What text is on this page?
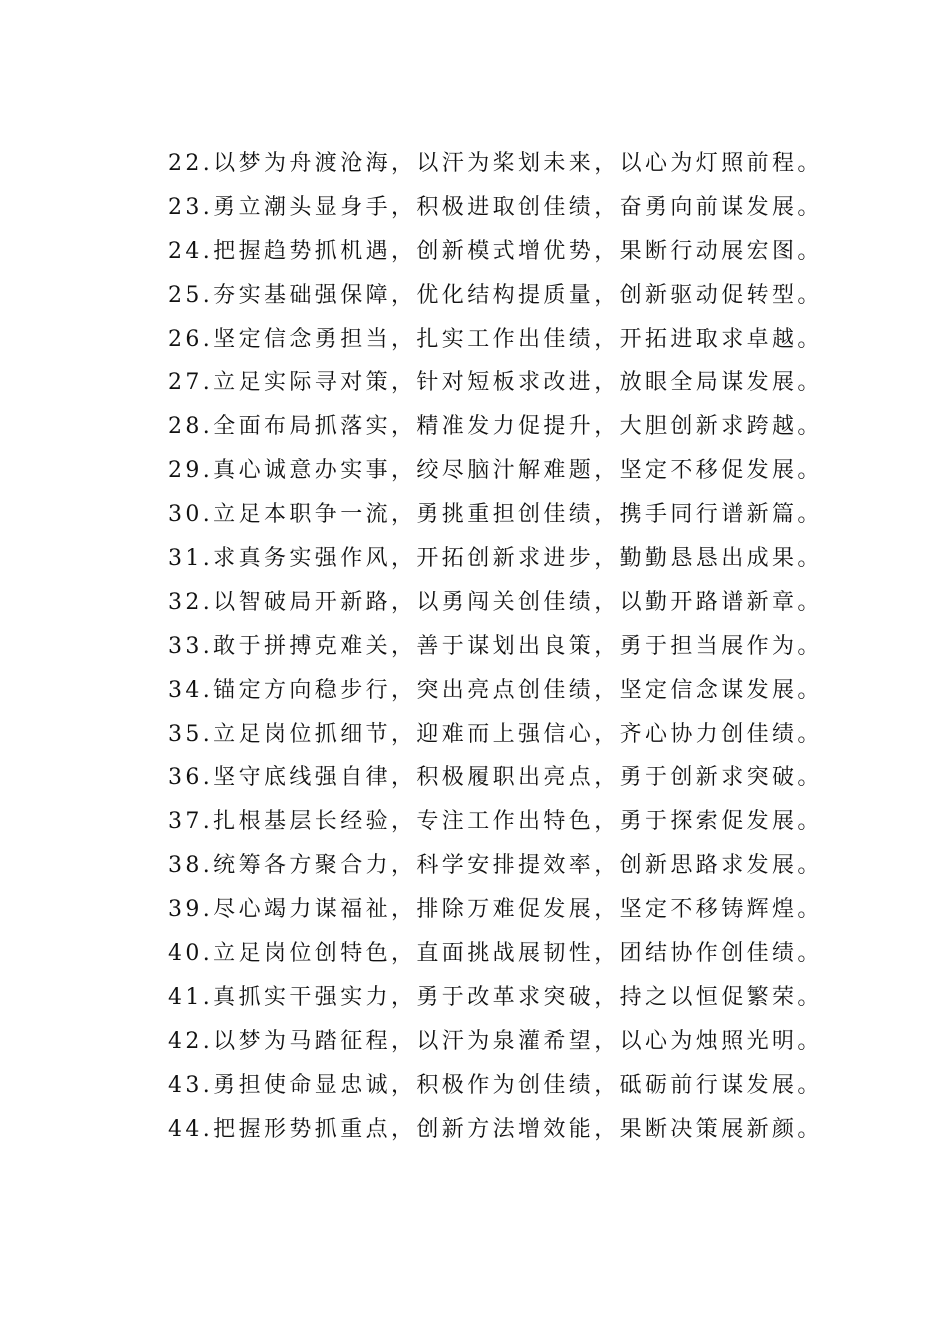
22.以梦为舟渡沧海，以汗为桨划未来，以心为灯照前程。
23.勇立潮头显身手，积极进取创佳绩，奋勇向前谋发展。
24.把握趋势抓机遇，创新模式增优势，果断行动展宏图。
25.夯实基础强保障，优化结构提质量，创新驱动促转型。
26.坚定信念勇担当，扎实工作出佳绩，开拓进取求卓越。
27.立足实际寻对策，针对短板求改进，放眼全局谋发展。
28.全面布局抓落实，精准发力促提升，大胆创新求跨越。
29.真心诚意办实事，绞尽脑汁解难题，坚定不移促发展。
30.立足本职争一流，勇挑重担创佳绩，携手同行谱新篇。
31.求真务实强作风，开拓创新求进步，勤勤恳恳出成果。
32.以智破局开新路，以勇闯关创佳绩，以勤开路谱新章。
33.敢于拼搏克难关，善于谋划出良策，勇于担当展作为。
34.锚定方向稳步行，突出亮点创佳绩，坚定信念谋发展。
35.立足岗位抓细节，迎难而上强信心，齐心协力创佳绩。
36.坚守底线强自律，积极履职出亮点，勇于创新求突破。
37.扎根基层长经验，专注工作出特色，勇于探索促发展。
38.统筹各方聚合力，科学安排提效率，创新思路求发展。
39.尽心竭力谋福祉，排除万难促发展，坚定不移铸辉煌。
40.立足岗位创特色，直面挑战展韧性，团结协作创佳绩。
41.真抓实干强实力，勇于改革求突破，持之以恒促繁荣。
42.以梦为马踏征程，以汗为泉灌希望，以心为烛照光明。
43.勇担使命显忠诚，积极作为创佳绩，砥砺前行谋发展。
44.把握形势抓重点，创新方法增效能，果断决策展新颜。
